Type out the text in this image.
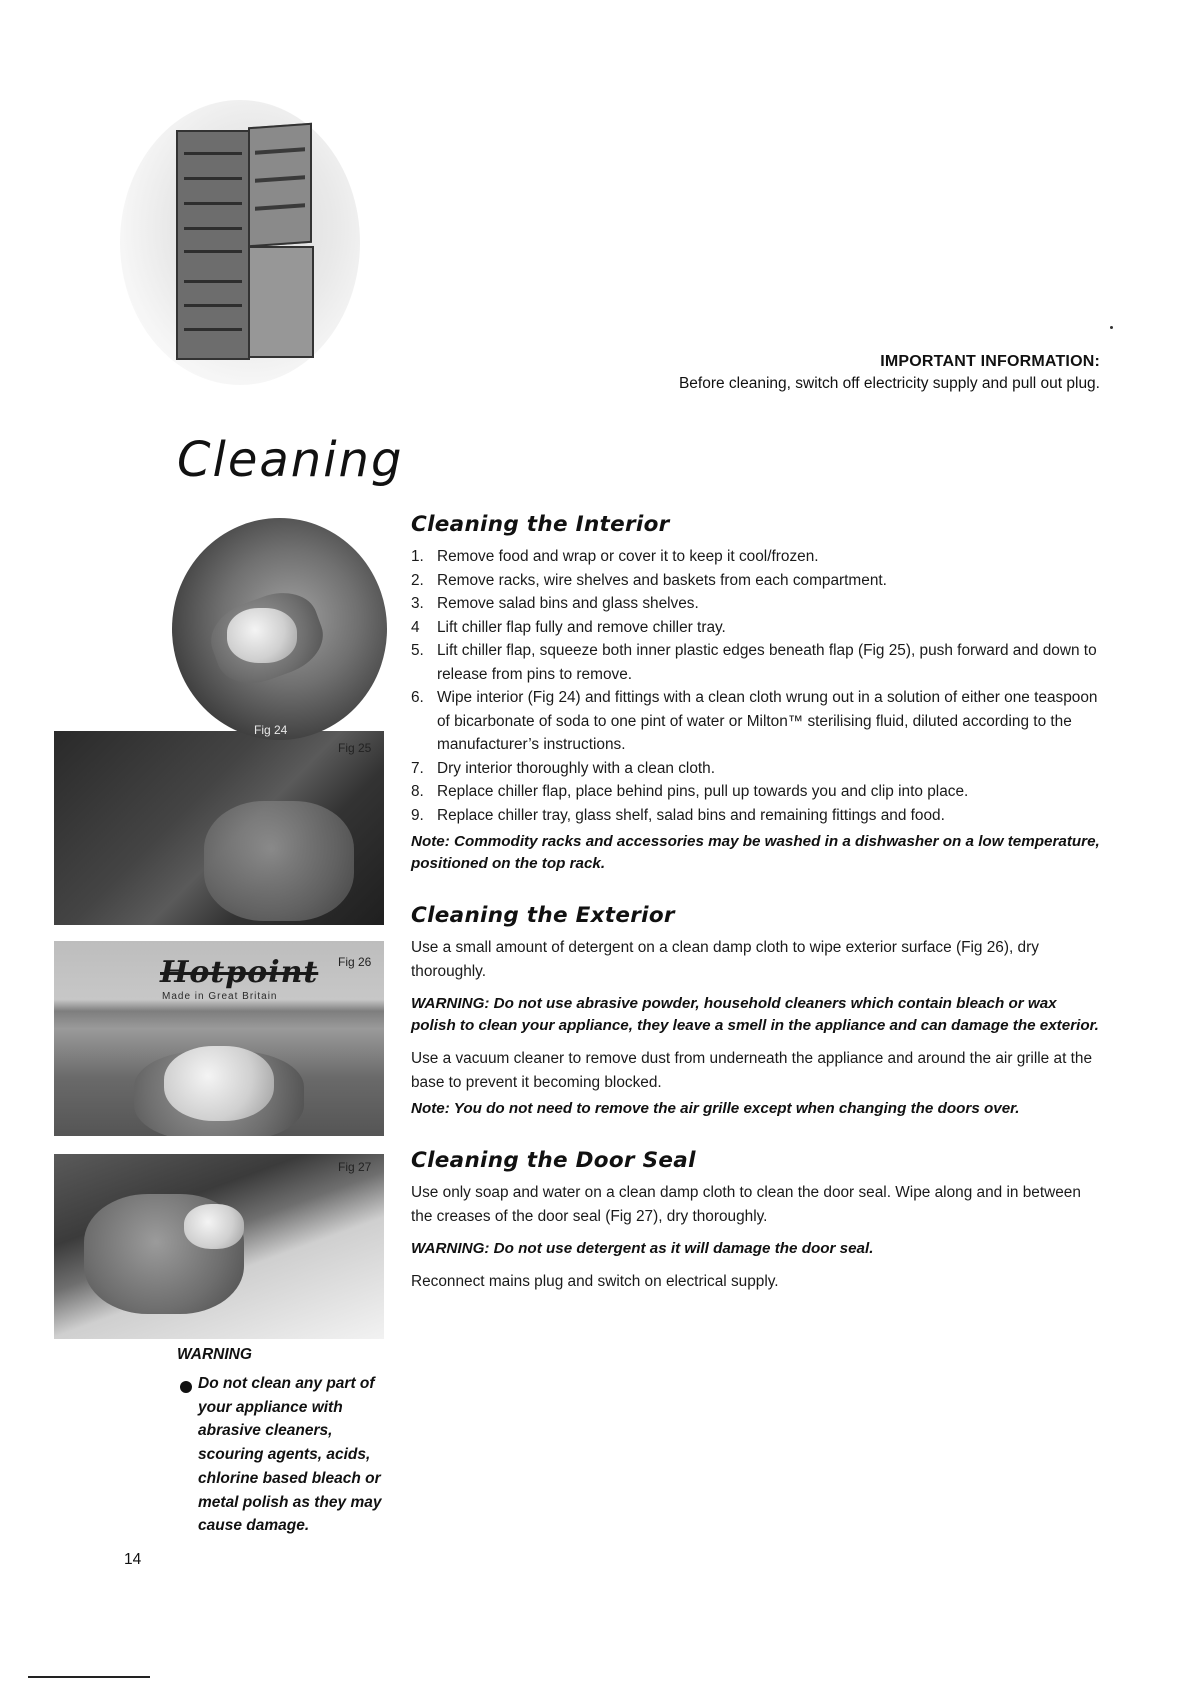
IMPORTANT INFORMATION:
Before cleaning, switch off electricity supply and pull out plug.
Cleaning
Fig 24
Fig 25
Hotpoint
Made in Great Britain
Fig 26
Fig 27
Cleaning the Interior
1. Remove food and wrap or cover it to keep it cool/frozen.
2. Remove racks, wire shelves and baskets from each compartment.
3. Remove salad bins and glass shelves.
4 Lift chiller flap fully and remove chiller tray.
5. Lift chiller flap, squeeze both inner plastic edges beneath flap (Fig 25), push forward and down to release from pins to remove.
6. Wipe interior (Fig 24) and fittings with a clean cloth wrung out in a solution of either one teaspoon of bicarbonate of soda to one pint of water or Milton™ sterilising fluid, diluted according to the manufacturer’s instructions.
7. Dry interior thoroughly with a clean cloth.
8. Replace chiller flap, place behind pins, pull up towards you and clip into place.
9. Replace chiller tray, glass shelf, salad bins and remaining fittings and food.

Note: Commodity racks and accessories may be washed in a dishwasher on a low temperature, positioned on the top rack.

Cleaning the Exterior

Use a small amount of detergent on a clean damp cloth to wipe exterior surface (Fig 26), dry thoroughly.

WARNING: Do not use abrasive powder, household cleaners which contain bleach or wax polish to clean your appliance, they leave a smell in the appliance and can damage the exterior.

Use a vacuum cleaner to remove dust from underneath the appliance and around the air grille at the base to prevent it becoming blocked.

Note: You do not need to remove the air grille except when changing the doors over.

Cleaning the Door Seal

Use only soap and water on a clean damp cloth to clean the door seal. Wipe along and in between the creases of the door seal (Fig 27), dry thoroughly.

WARNING: Do not use detergent as it will damage the door seal.

Reconnect mains plug and switch on electrical supply.

WARNING
Do not clean any part of your appliance with abrasive cleaners, scouring agents, acids, chlorine based bleach or metal polish as they may cause damage.
14
